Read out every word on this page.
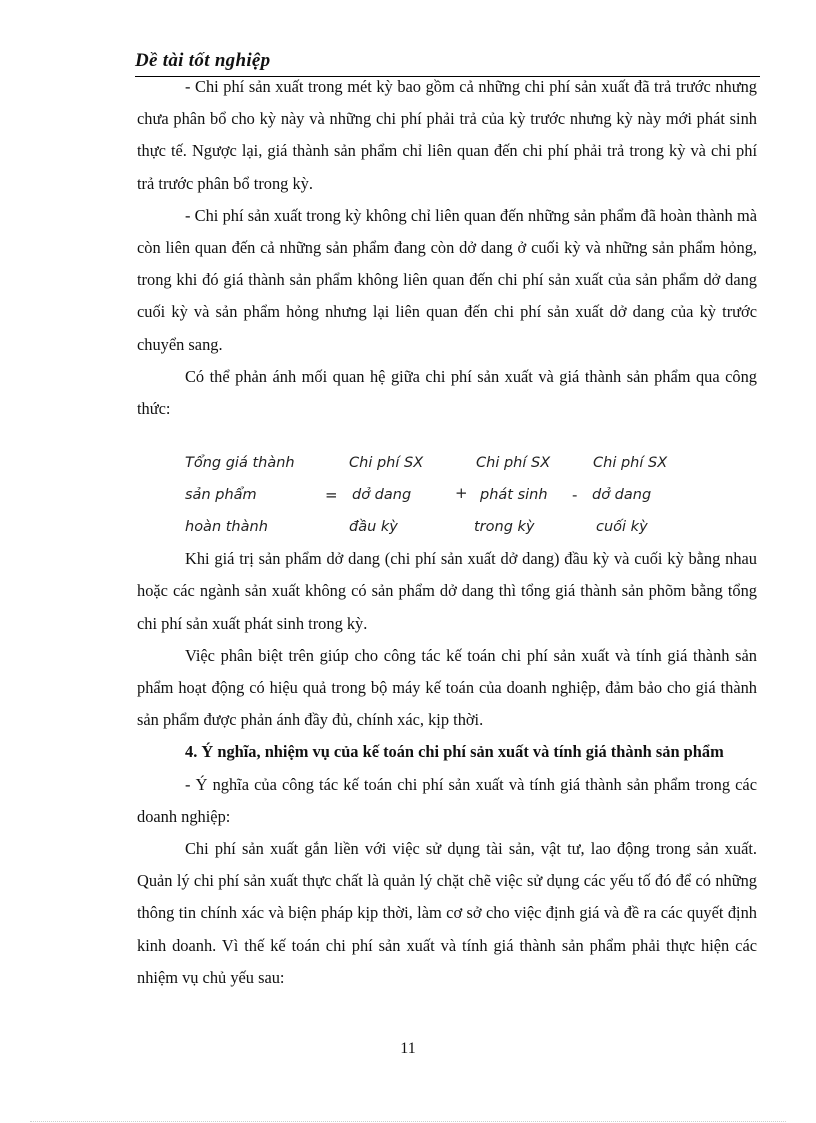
Dề tài tốt nghiệp

- Chi phí sản xuất trong mét kỳ bao gồm cả những chi phí sản xuất đã trả trước nhưng chưa phân bổ cho kỳ này và những chi phí phải trả của kỳ trước nhưng kỳ này mới phát sinh thực tế. Ngược lại, giá thành sản phẩm chỉ liên quan đến chi phí phải trả trong kỳ và chi phí trả trước phân bổ trong kỳ.

- Chi phí sản xuất trong kỳ không chỉ liên quan đến những sản phẩm đã hoàn thành mà còn liên quan đến cả những sản phẩm đang còn dở dang ở cuối kỳ và những sản phẩm hỏng, trong khi đó giá thành sản phẩm không liên quan đến chi phí sản xuất của sản phẩm dở dang cuối kỳ và sản phẩm hỏng nhưng lại liên quan đến chi phí sản xuất dở dang của kỳ trước chuyển sang.

Có thể phản ánh mối quan hệ giữa chi phí sản xuất và giá thành sản phẩm qua công thức:

Tổng giá thành
sản phẩm
hoàn thành
=
Chi phí SX
dở dang
đầu kỳ
+
Chi phí SX
phát sinh
trong kỳ
-
Chi phí SX
dở dang
cuối kỳ

Khi giá trị sản phẩm dở dang (chi phí sản xuất dở dang) đầu kỳ và cuối kỳ bằng nhau hoặc các ngành sản xuất không có sản phẩm dở dang thì tổng giá thành sản phõm bằng tổng chi phí sản xuất phát sinh trong kỳ.

Việc phân biệt trên giúp cho công tác kế toán chi phí sản xuất và tính giá thành sản phẩm hoạt động có hiệu quả trong bộ máy kế toán của doanh nghiệp, đảm bảo cho giá thành sản phẩm được phản ánh đầy đủ, chính xác, kịp thời.

4. Ý nghĩa, nhiệm vụ của kế toán chi phí sản xuất và tính giá thành sản phẩm

- Ý nghĩa của công tác kế toán chi phí sản xuất và tính giá thành sản phẩm trong các doanh nghiệp:

Chi phí sản xuất gắn liền với việc sử dụng tài sản, vật tư, lao động trong sản xuất. Quản lý chi phí sản xuất thực chất là quản lý chặt chẽ việc sử dụng các yếu tố đó để có những thông tin chính xác và biện pháp kịp thời, làm cơ sở cho việc định giá và đề ra các quyết định kinh doanh. Vì thế kế toán chi phí sản xuất và tính giá thành sản phẩm phải thực hiện các nhiệm vụ chủ yếu sau:

11
